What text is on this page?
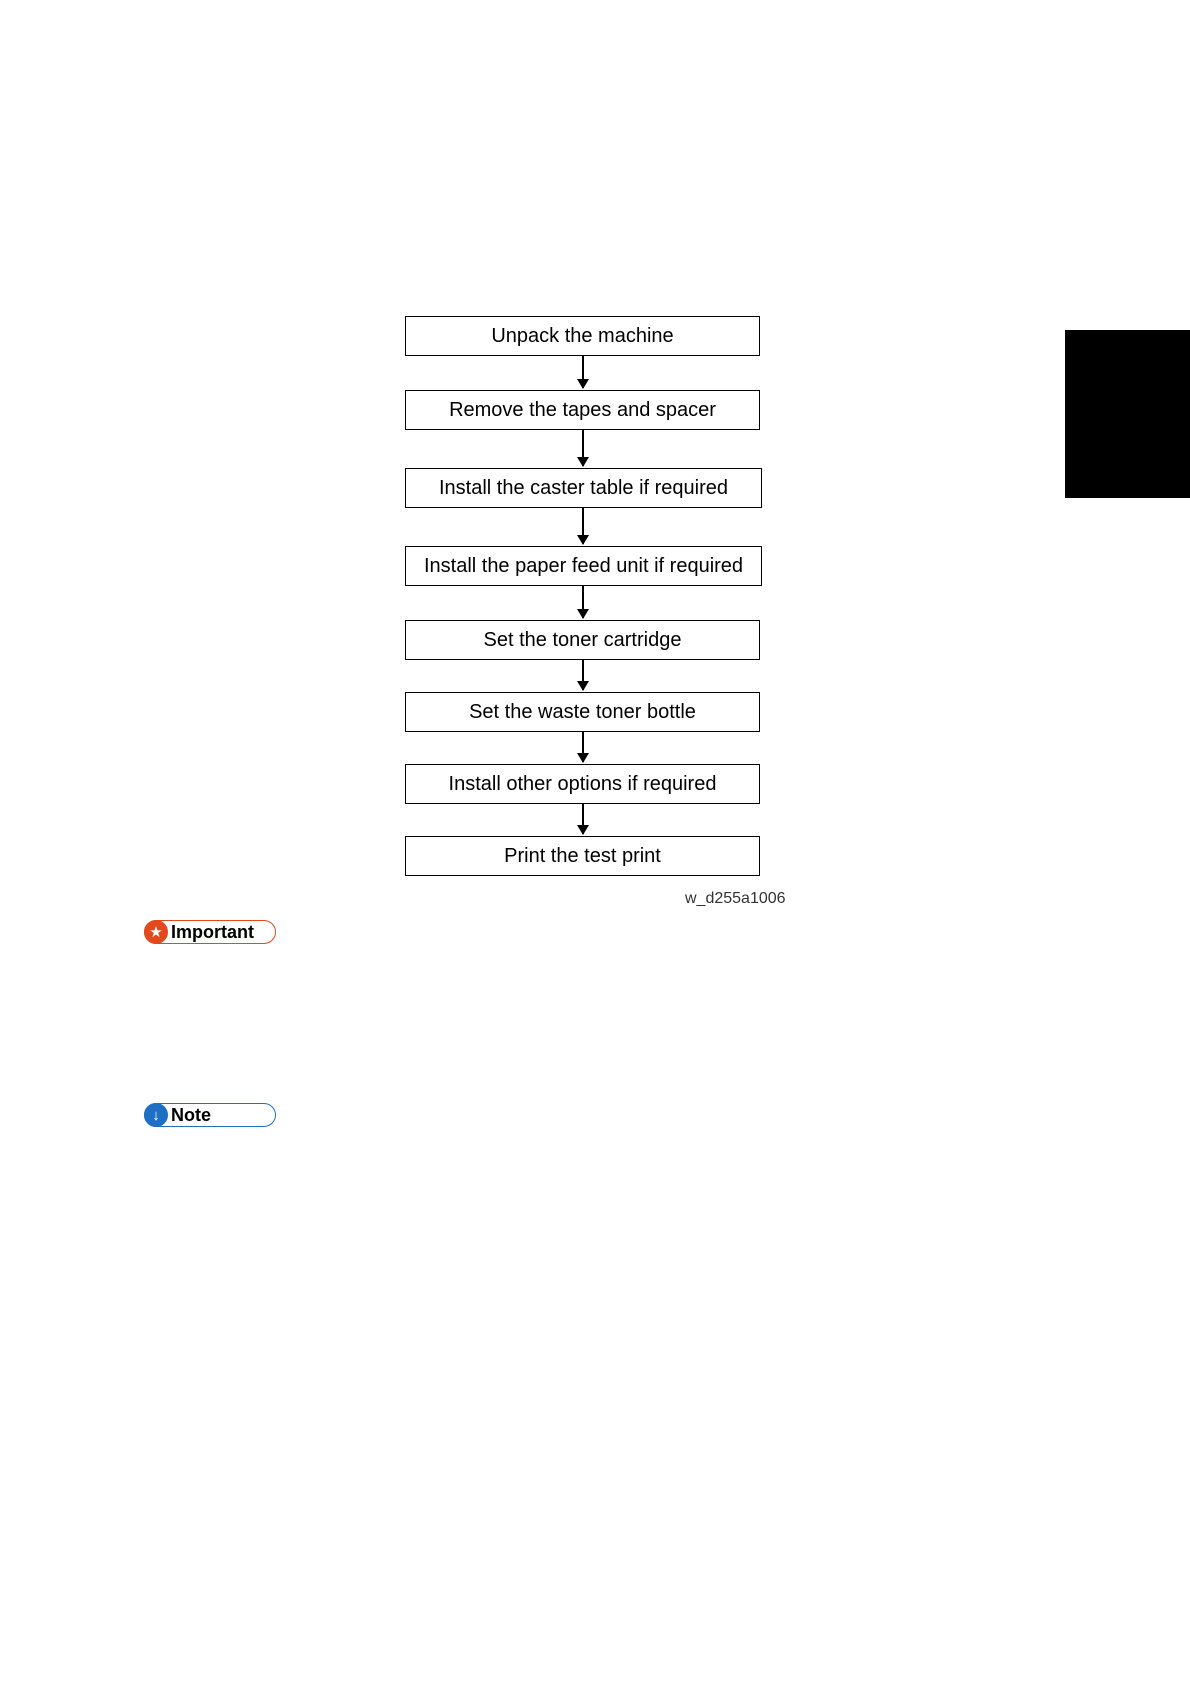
Unpack the machine
Remove the tapes and spacer
Install the caster table if required
Install the paper feed unit if required
Set the toner cartridge
Set the waste toner bottle
Install other options if required
Print the test print
w_d255a1006
★ Important
↓ Note
